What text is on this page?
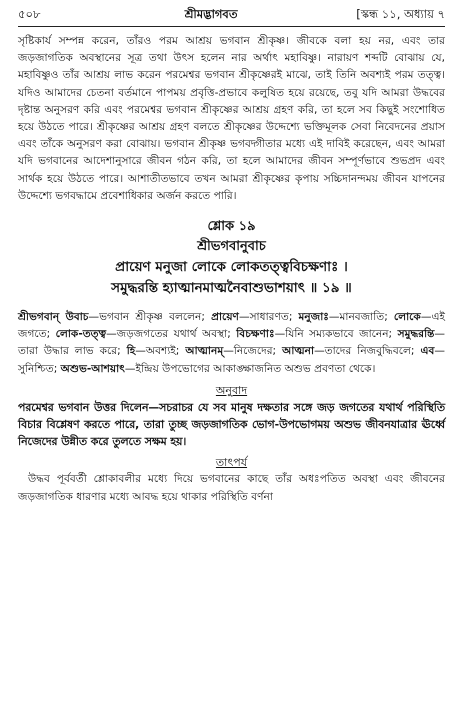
৫০৮	শ্রীমদ্ভাগবত	[স্কন্ধ ১১, অধ্যায় ৭

সৃষ্টিকার্য সম্পন্ন করেন, তাঁরও পরম আশ্রয় ভগবান শ্রীকৃষ্ণ। জীবকে বলা হয় নর, এবং তার জড়জাগতিক অবস্থানের সূত্র তথা উৎস হলেন নার অর্থাৎ মহাবিষ্ণু। নারায়ণ শব্দটি বোঝায় যে, মহাবিষ্ণুও তাঁর আশ্রয় লাভ করেন পরমেশ্বর ভগবান শ্রীকৃষ্ণেরই মাঝে, তাই তিনি অবশ্যই পরম তত্ত্ব। যদিও আমাদের চেতনা বর্তমানে পাপময় প্রবৃত্তি-প্রভাবে কলুষিত হয়ে রয়েছে, তবু যদি আমরা উদ্ধবের দৃষ্টান্ত অনুসরণ করি এবং পরমেশ্বর ভগবান শ্রীকৃষ্ণের আশ্রয় গ্রহণ করি, তা হলে সব কিছুই সংশোধিত হয়ে উঠতে পারে। শ্রীকৃষ্ণের আশ্রয় গ্রহণ বলতে শ্রীকৃষ্ণের উদ্দেশ্যে ভক্তিমূলক সেবা নিবেদনের প্রয়াস এবং তাঁকে অনুসরণ করা বোঝায়। ভগবান শ্রীকৃষ্ণ ভগবদ্গীতার মধ্যে এই দাবিই করেছেন, এবং আমরা যদি ভগবানের আদেশানুসারে জীবন গঠন করি, তা হলে আমাদের জীবন সম্পূর্ণভাবে শুভপ্রদ এবং সার্থক হয়ে উঠতে পারে। আশাতীতভাবে তখন আমরা শ্রীকৃষ্ণের কৃপায় সচ্চিদানন্দময় জীবন যাপনের উদ্দেশ্যে ভগবদ্ধামে প্রবেশাধিকার অর্জন করতে পারি।

শ্লোক ১৯
শ্রীভগবানুবাচ
প্রায়েণ মনুজা লোকে লোকতত্ত্ববিচক্ষণাঃ ।
সমুদ্ধরন্তি হ্যাত্মানমাত্মনৈবাশুভাশয়াৎ ॥ ১৯ ॥

শ্রীভগবান্ উবাচ—ভগবান শ্রীকৃষ্ণ বললেন; প্রায়েণ—সাধারণত; মনুজাঃ—মানবজাতি; লোকে—এই জগতে; লোক-তত্ত্ব—জড়জগতের যথার্থ অবস্থা; বিচক্ষণাঃ—যিনি সম্যকভাবে জানেন; সমুদ্ধরন্তি—তারা উদ্ধার লাভ করে; হি—অবশ্যই; আত্মানম্—নিজেদের; আত্মনা—তাদের নিজবুদ্ধিবলে; এব—সুনিশ্চিত; অশুভ-আশয়াৎ—ইন্দ্রিয় উপভোগের আকাঙ্ক্ষাজনিত অশুভ প্রবণতা থেকে।

অনুবাদ

পরমেশ্বর ভগবান উত্তর দিলেন—সচরাচর যে সব মানুষ দক্ষতার সঙ্গে জড় জগতের যথার্থ পরিস্থিতি বিচার বিশ্লেষণ করতে পারে, তারা তুচ্ছ জড়জাগতিক ভোগ-উপভোগময় অশুভ জীবনযাত্রার ঊর্ধ্বে নিজেদের উন্নীত করে তুলতে সক্ষম হয়।

তাৎপর্য

উদ্ধব পূর্ববর্তী শ্লোকাবলীর মধ্যে দিয়ে ভগবানের কাছে তাঁর অধঃপতিত অবস্থা এবং জীবনের জড়জাগতিক ধারণার মধ্যে আবদ্ধ হয়ে থাকার পরিস্থিতি বর্ণনা
